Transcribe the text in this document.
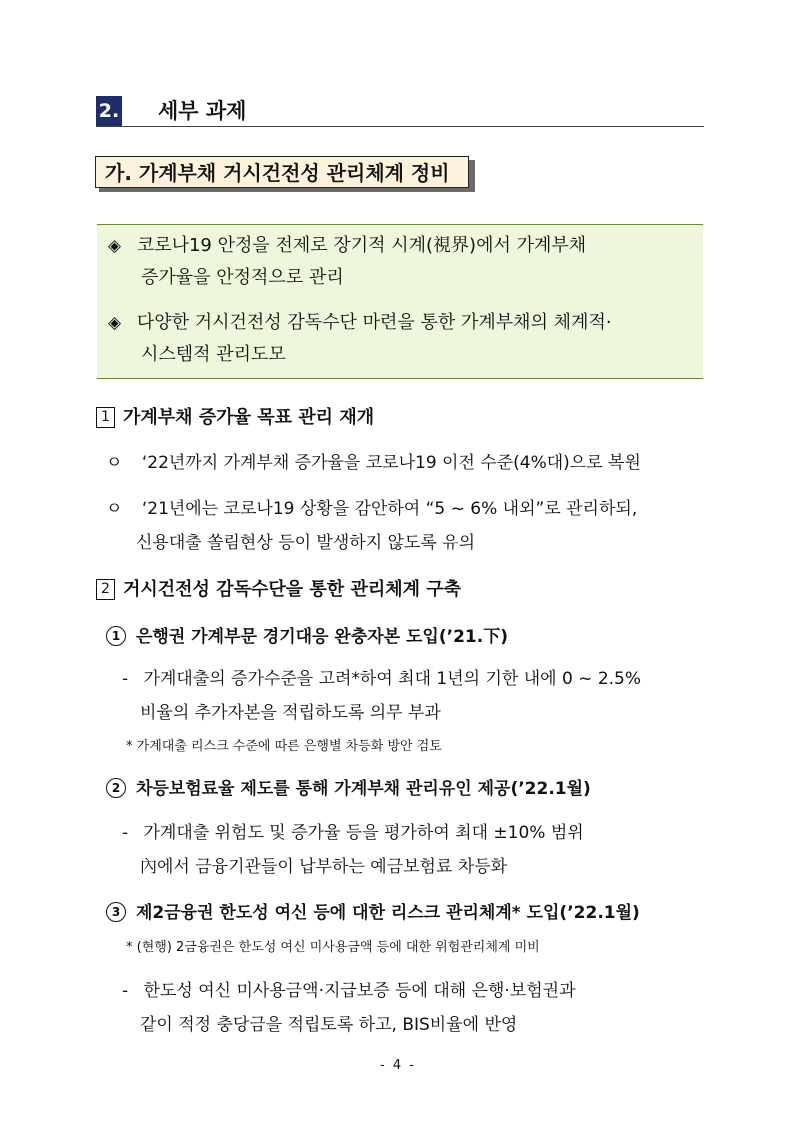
2. 세부 과제
가. 가계부채 거시건전성 관리체계 정비
◈ 코로나19 안정을 전제로 장기적 시계(視界)에서 가계부채
증가율을 안정적으로 관리
◈ 다양한 거시건전성 감독수단 마련을 통한 가계부채의 체계적·
시스템적 관리도모
1 가계부채 증가율 목표 관리 재개
ㅇ ‘22년까지 가계부채 증가율을 코로나19 이전 수준(4%대)으로 복원
ㅇ ‘21년에는 코로나19 상황을 감안하여 “5 ~ 6% 내외”로 관리하되,
신용대출 쏠림현상 등이 발생하지 않도록 유의
2 거시건전성 감독수단을 통한 관리체계 구축
1 은행권 가계부문 경기대응 완충자본 도입(’21.下)
- 가계대출의 증가수준을 고려*하여 최대 1년의 기한 내에 0 ~ 2.5%
비율의 추가자본을 적립하도록 의무 부과
* 가계대출 리스크 수준에 따른 은행별 차등화 방안 검토
2 차등보험료율 제도를 통해 가계부채 관리유인 제공(’22.1월)
- 가계대출 위험도 및 증가율 등을 평가하여 최대 ±10% 범위
內에서 금융기관들이 납부하는 예금보험료 차등화
3 제2금융권 한도성 여신 등에 대한 리스크 관리체계* 도입(’22.1월)
* (현행) 2금융권은 한도성 여신 미사용금액 등에 대한 위험관리체계 미비
- 한도성 여신 미사용금액·지급보증 등에 대해 은행·보험권과
같이 적정 충당금을 적립토록 하고, BIS비율에 반영
- 4 -
